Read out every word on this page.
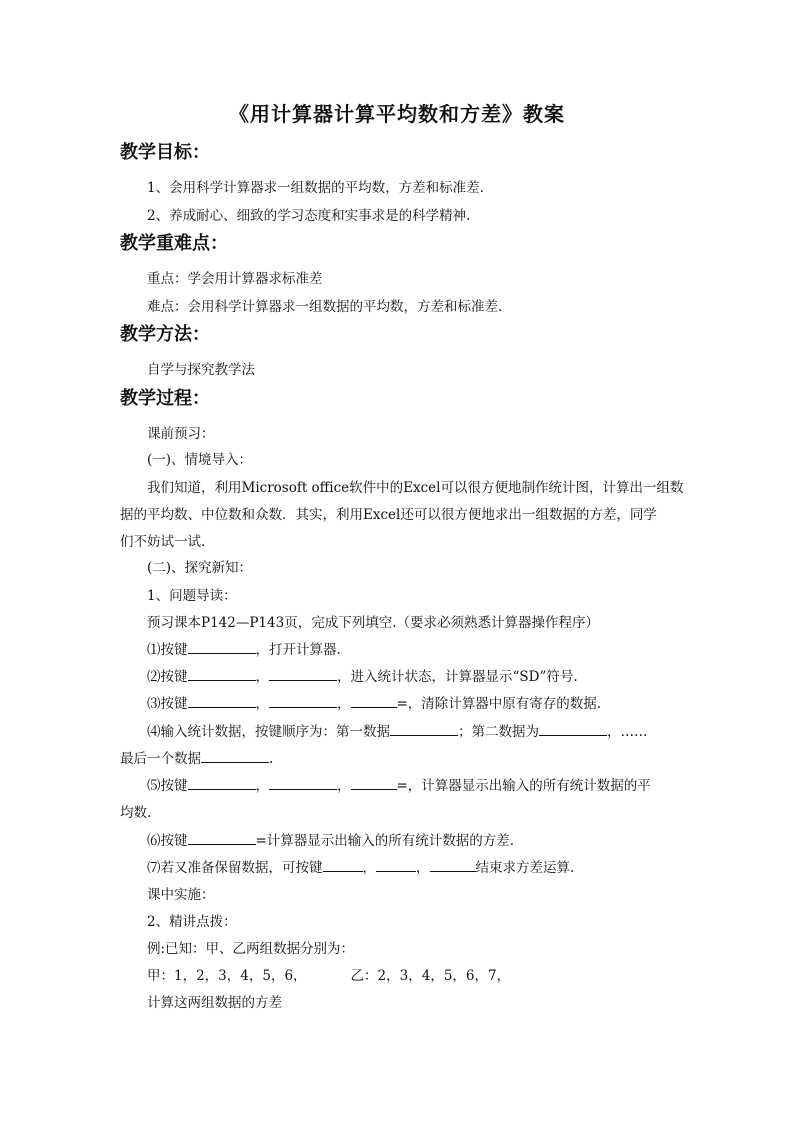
《用计算器计算平均数和方差》教案
教学目标：
1、会用科学计算器求一组数据的平均数，方差和标准差.
2、养成耐心、细致的学习态度和实事求是的科学精神.
教学重难点：
重点：学会用计算器求标准差
难点：会用科学计算器求一组数据的平均数，方差和标准差.
教学方法：
自学与探究教学法
教学过程：
课前预习：
(一)、情境导入：
我们知道，利用Microsoft office软件中的Excel可以很方便地制作统计图，计算出一组数
据的平均数、中位数和众数．其实，利用Excel还可以很方便地求出一组数据的方差，同学
们不妨试一试.
(二)、探究新知：
1、问题导读：
预习课本P142—P143页，完成下列填空.（要求必须熟悉计算器操作程序）
⑴按键	，打开计算器.
⑵按键	，	，进入统计状态，计算器显示“SD”符号.
⑶按键	，	，	=，清除计算器中原有寄存的数据.
⑷输入统计数据，按键顺序为：第一数据	；第二数据为	，……
最后一个数据	.
⑸按键	，	，	=，计算器显示出输入的所有统计数据的平
均数.
⑹按键	=计算器显示出输入的所有统计数据的方差.
⑺若又准备保留数据，可按键	，	，	结束求方差运算.
课中实施：
2、精讲点拨：
例:已知：甲、乙两组数据分别为：
甲：1，2，3，4，5，6，	乙：2，3，4，5，6，7，
计算这两组数据的方差
